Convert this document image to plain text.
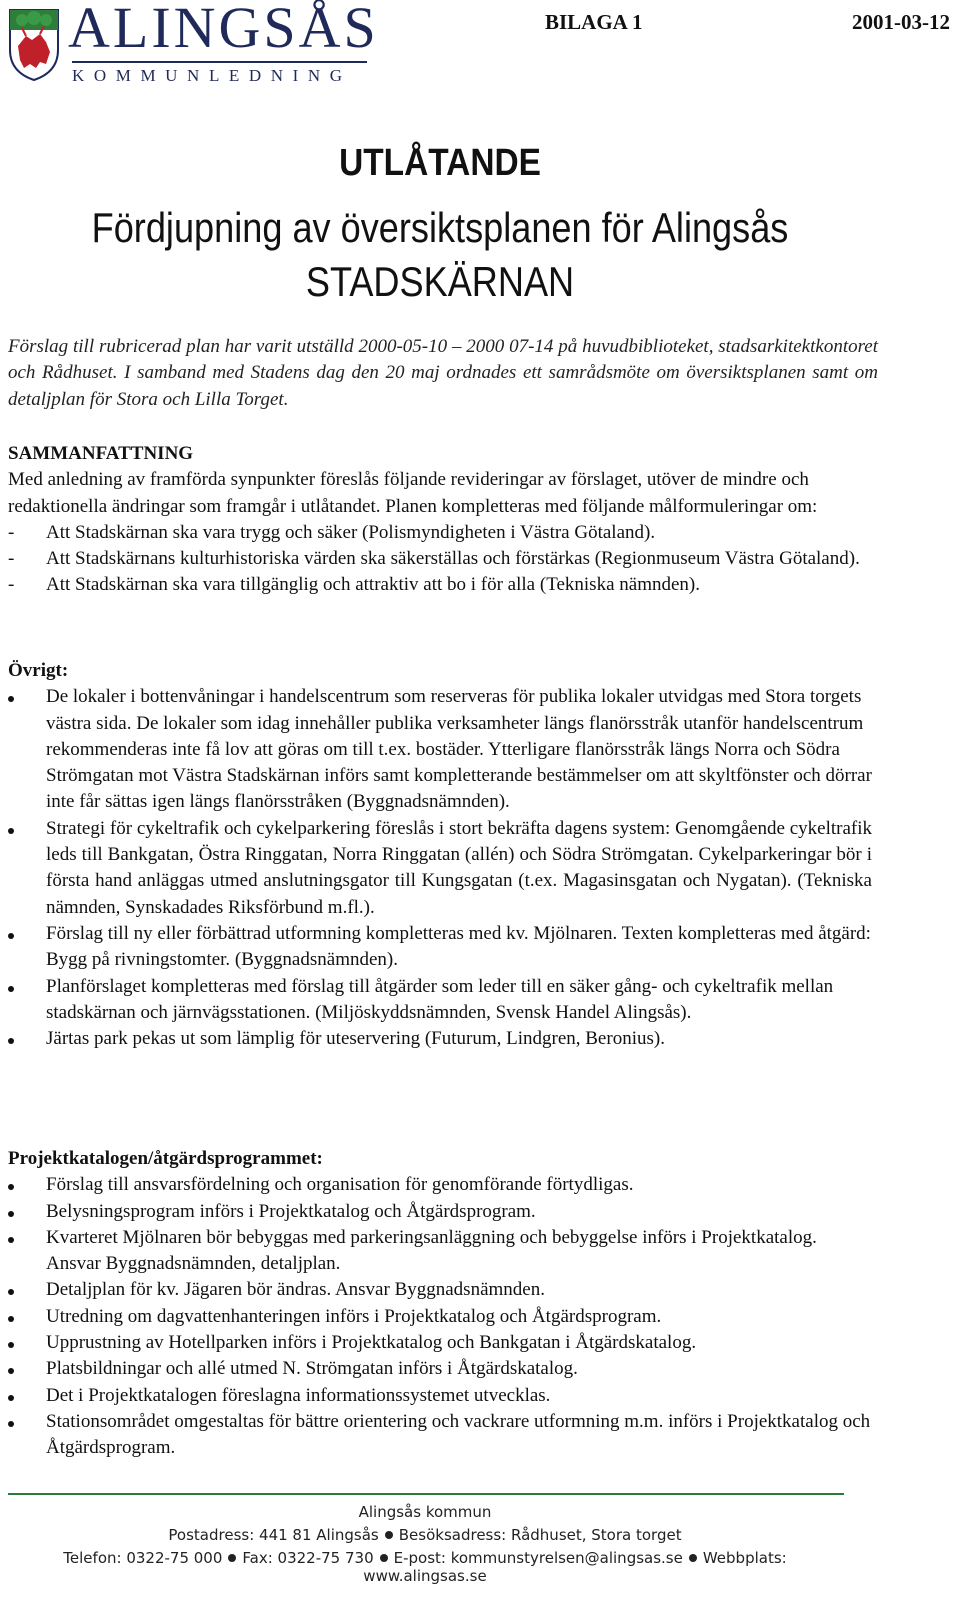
ALINGSÅS
KOMMUNLEDNING
BILAGA 1	2001-03-12
UTLÅTANDE
Fördjupning av översiktsplanen för Alingsås
STADSKÄRNAN
Förslag till rubricerad plan har varit utställd 2000-05-10 – 2000 07-14 på huvudbiblioteket, stadsarkitektkontoret och Rådhuset. I samband med Stadens dag den 20 maj ordnades ett samrådsmöte om översiktsplanen samt om detaljplan för Stora och Lilla Torget.
SAMMANFATTNING
Med anledning av framförda synpunkter föreslås följande revideringar av förslaget, utöver de mindre och redaktionella ändringar som framgår i utlåtandet. Planen kompletteras med följande målformuleringar om:
- Att Stadskärnan ska vara trygg och säker (Polismyndigheten i Västra Götaland).
- Att Stadskärnans kulturhistoriska värden ska säkerställas och förstärkas (Regionmuseum Västra Götaland).
- Att Stadskärnan ska vara tillgänglig och attraktiv att bo i för alla (Tekniska nämnden).
Övrigt:
De lokaler i bottenvåningar i handelscentrum som reserveras för publika lokaler utvidgas med Stora torgets västra sida. De lokaler som idag innehåller publika verksamheter längs flanörsstråk utanför handelscentrum rekommenderas inte få lov att göras om till t.ex. bostäder. Ytterligare flanörsstråk längs Norra och Södra Strömgatan mot Västra Stadskärnan införs samt kompletterande bestämmelser om att skyltfönster och dörrar inte får sättas igen längs flanörsstråken (Byggnadsnämnden).
Strategi för cykeltrafik och cykelparkering föreslås i stort bekräfta dagens system: Genomgående cykeltrafik leds till Bankgatan, Östra Ringgatan, Norra Ringgatan (allén) och Södra Strömgatan. Cykelparkeringar bör i första hand anläggas utmed anslutningsgator till Kungsgatan (t.ex. Magasinsgatan och Nygatan). (Tekniska nämnden, Synskadades Riksförbund m.fl.).
Förslag till ny eller förbättrad utformning kompletteras med kv. Mjölnaren. Texten kompletteras med åtgärd: Bygg på rivningstomter. (Byggnadsnämnden).
Planförslaget kompletteras med förslag till åtgärder som leder till en säker gång- och cykeltrafik mellan stadskärnan och järnvägsstationen. (Miljöskyddsnämnden, Svensk Handel Alingsås).
Järtas park pekas ut som lämplig för uteservering (Futurum, Lindgren, Beronius).
Projektkatalogen/åtgärdsprogrammet:
Förslag till ansvarsfördelning och organisation för genomförande förtydligas.
Belysningsprogram införs i Projektkatalog och Åtgärdsprogram.
Kvarteret Mjölnaren bör bebyggas med parkeringsanläggning och bebyggelse införs i Projektkatalog. Ansvar Byggnadsnämnden, detaljplan.
Detaljplan för kv. Jägaren bör ändras. Ansvar Byggnadsnämnden.
Utredning om dagvattenhanteringen införs i Projektkatalog och Åtgärdsprogram.
Upprustning av Hotellparken införs i Projektkatalog och Bankgatan i Åtgärdskatalog.
Platsbildningar och allé utmed N. Strömgatan införs i Åtgärdskatalog.
Det i Projektkatalogen föreslagna informationssystemet utvecklas.
Stationsområdet omgestaltas för bättre orientering och vackrare utformning m.m. införs i Projektkatalog och Åtgärdsprogram.
Alingsås kommun
Postadress: 441 81 Alingsås Besöksadress: Rådhuset, Stora torget
Telefon: 0322-75 000 Fax: 0322-75 730 E-post: kommunstyrelsen@alingsas.se Webbplats: www.alingsas.se
